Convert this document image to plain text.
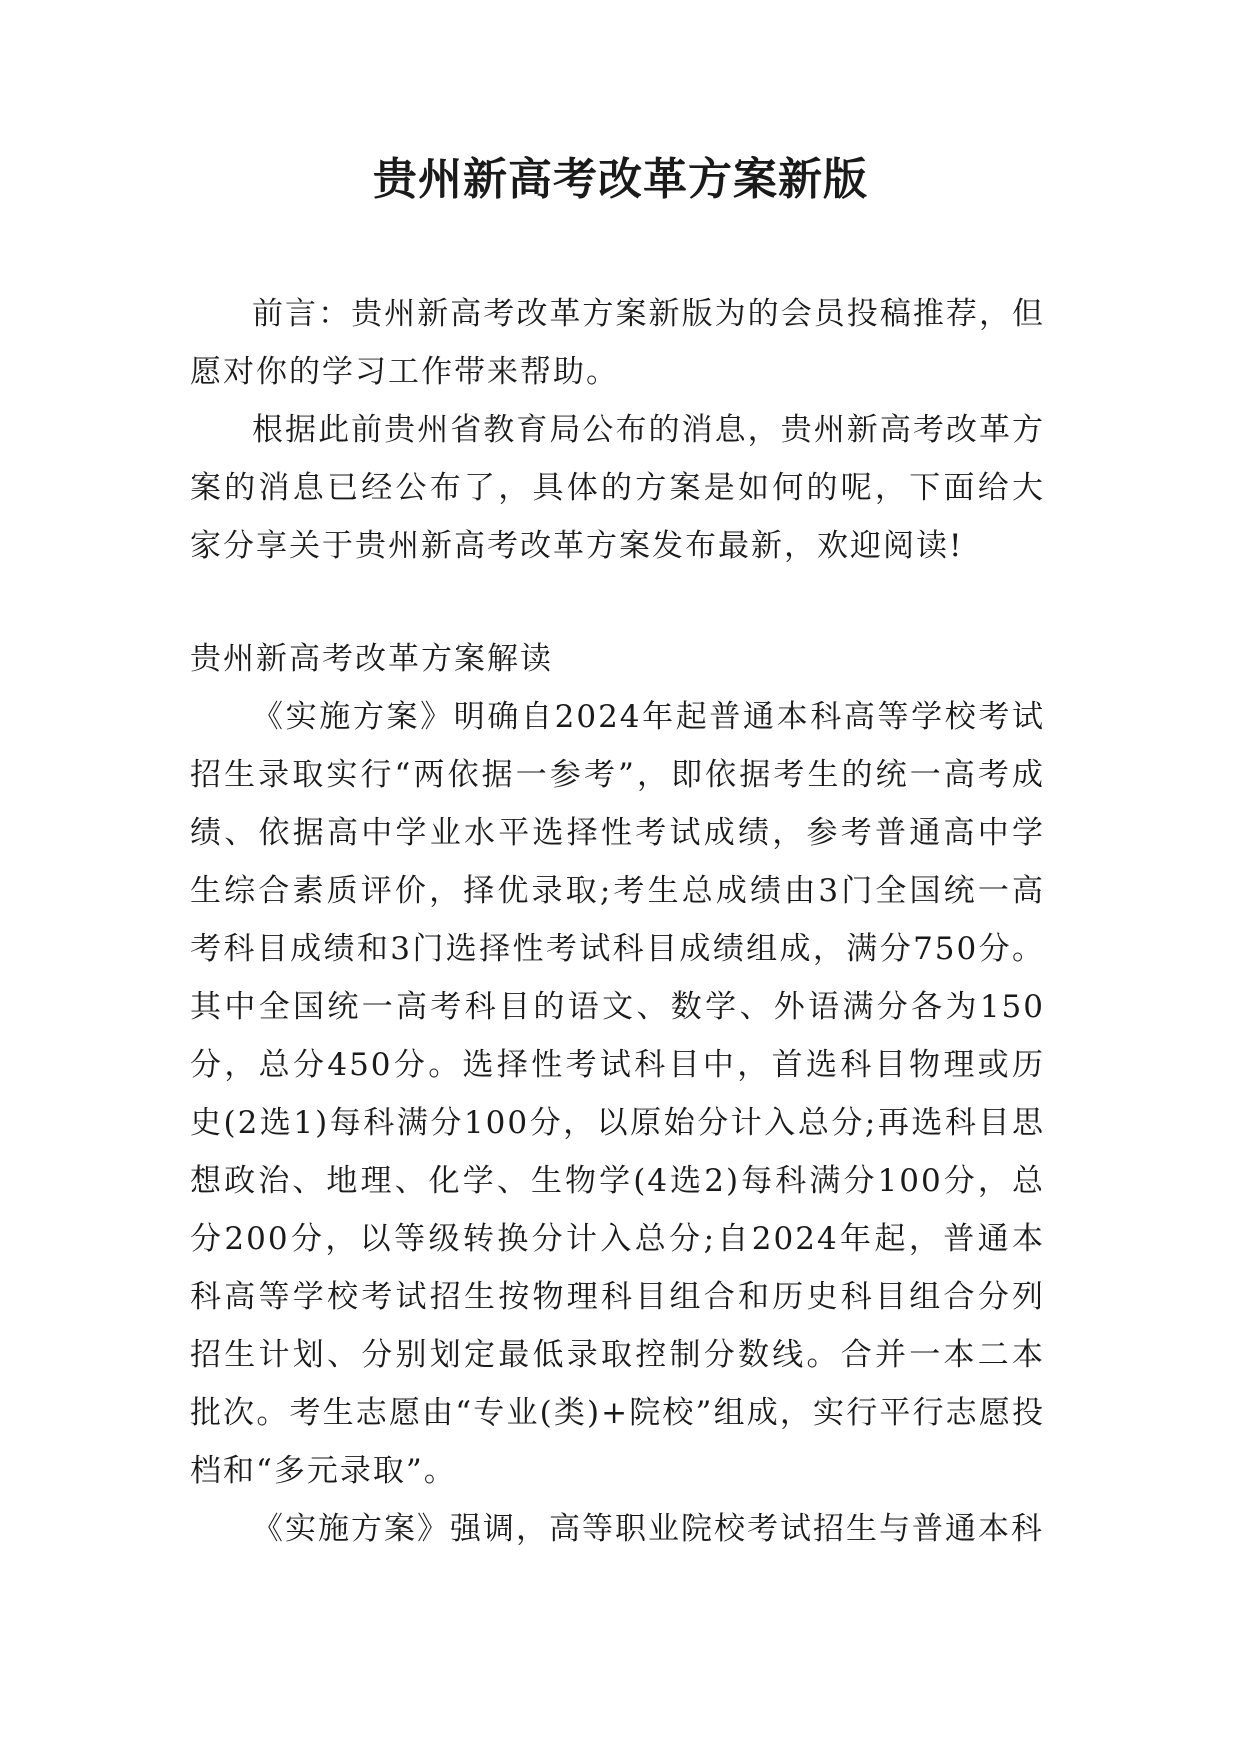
贵州新高考改革方案新版

前言：贵州新高考改革方案新版为的会员投稿推荐，但愿对你的学习工作带来帮助。

根据此前贵州省教育局公布的消息，贵州新高考改革方案的消息已经公布了，具体的方案是如何的呢，下面给大家分享关于贵州新高考改革方案发布最新，欢迎阅读!

贵州新高考改革方案解读

《实施方案》明确自2024年起普通本科高等学校考试招生录取实行“两依据一参考”，即依据考生的统一高考成绩、依据高中学业水平选择性考试成绩，参考普通高中学生综合素质评价，择优录取;考生总成绩由3门全国统一高考科目成绩和3门选择性考试科目成绩组成，满分750分。其中全国统一高考科目的语文、数学、外语满分各为150分，总分450分。选择性考试科目中，首选科目物理或历史(2选1)每科满分100分，以原始分计入总分;再选科目思想政治、地理、化学、生物学(4选2)每科满分100分，总分200分，以等级转换分计入总分;自2024年起，普通本科高等学校考试招生按物理科目组合和历史科目组合分列招生计划、分别划定最低录取控制分数线。合并一本二本批次。考生志愿由“专业(类)+院校”组成，实行平行志愿投档和“多元录取”。

《实施方案》强调，高等职业院校考试招生与普通本科
